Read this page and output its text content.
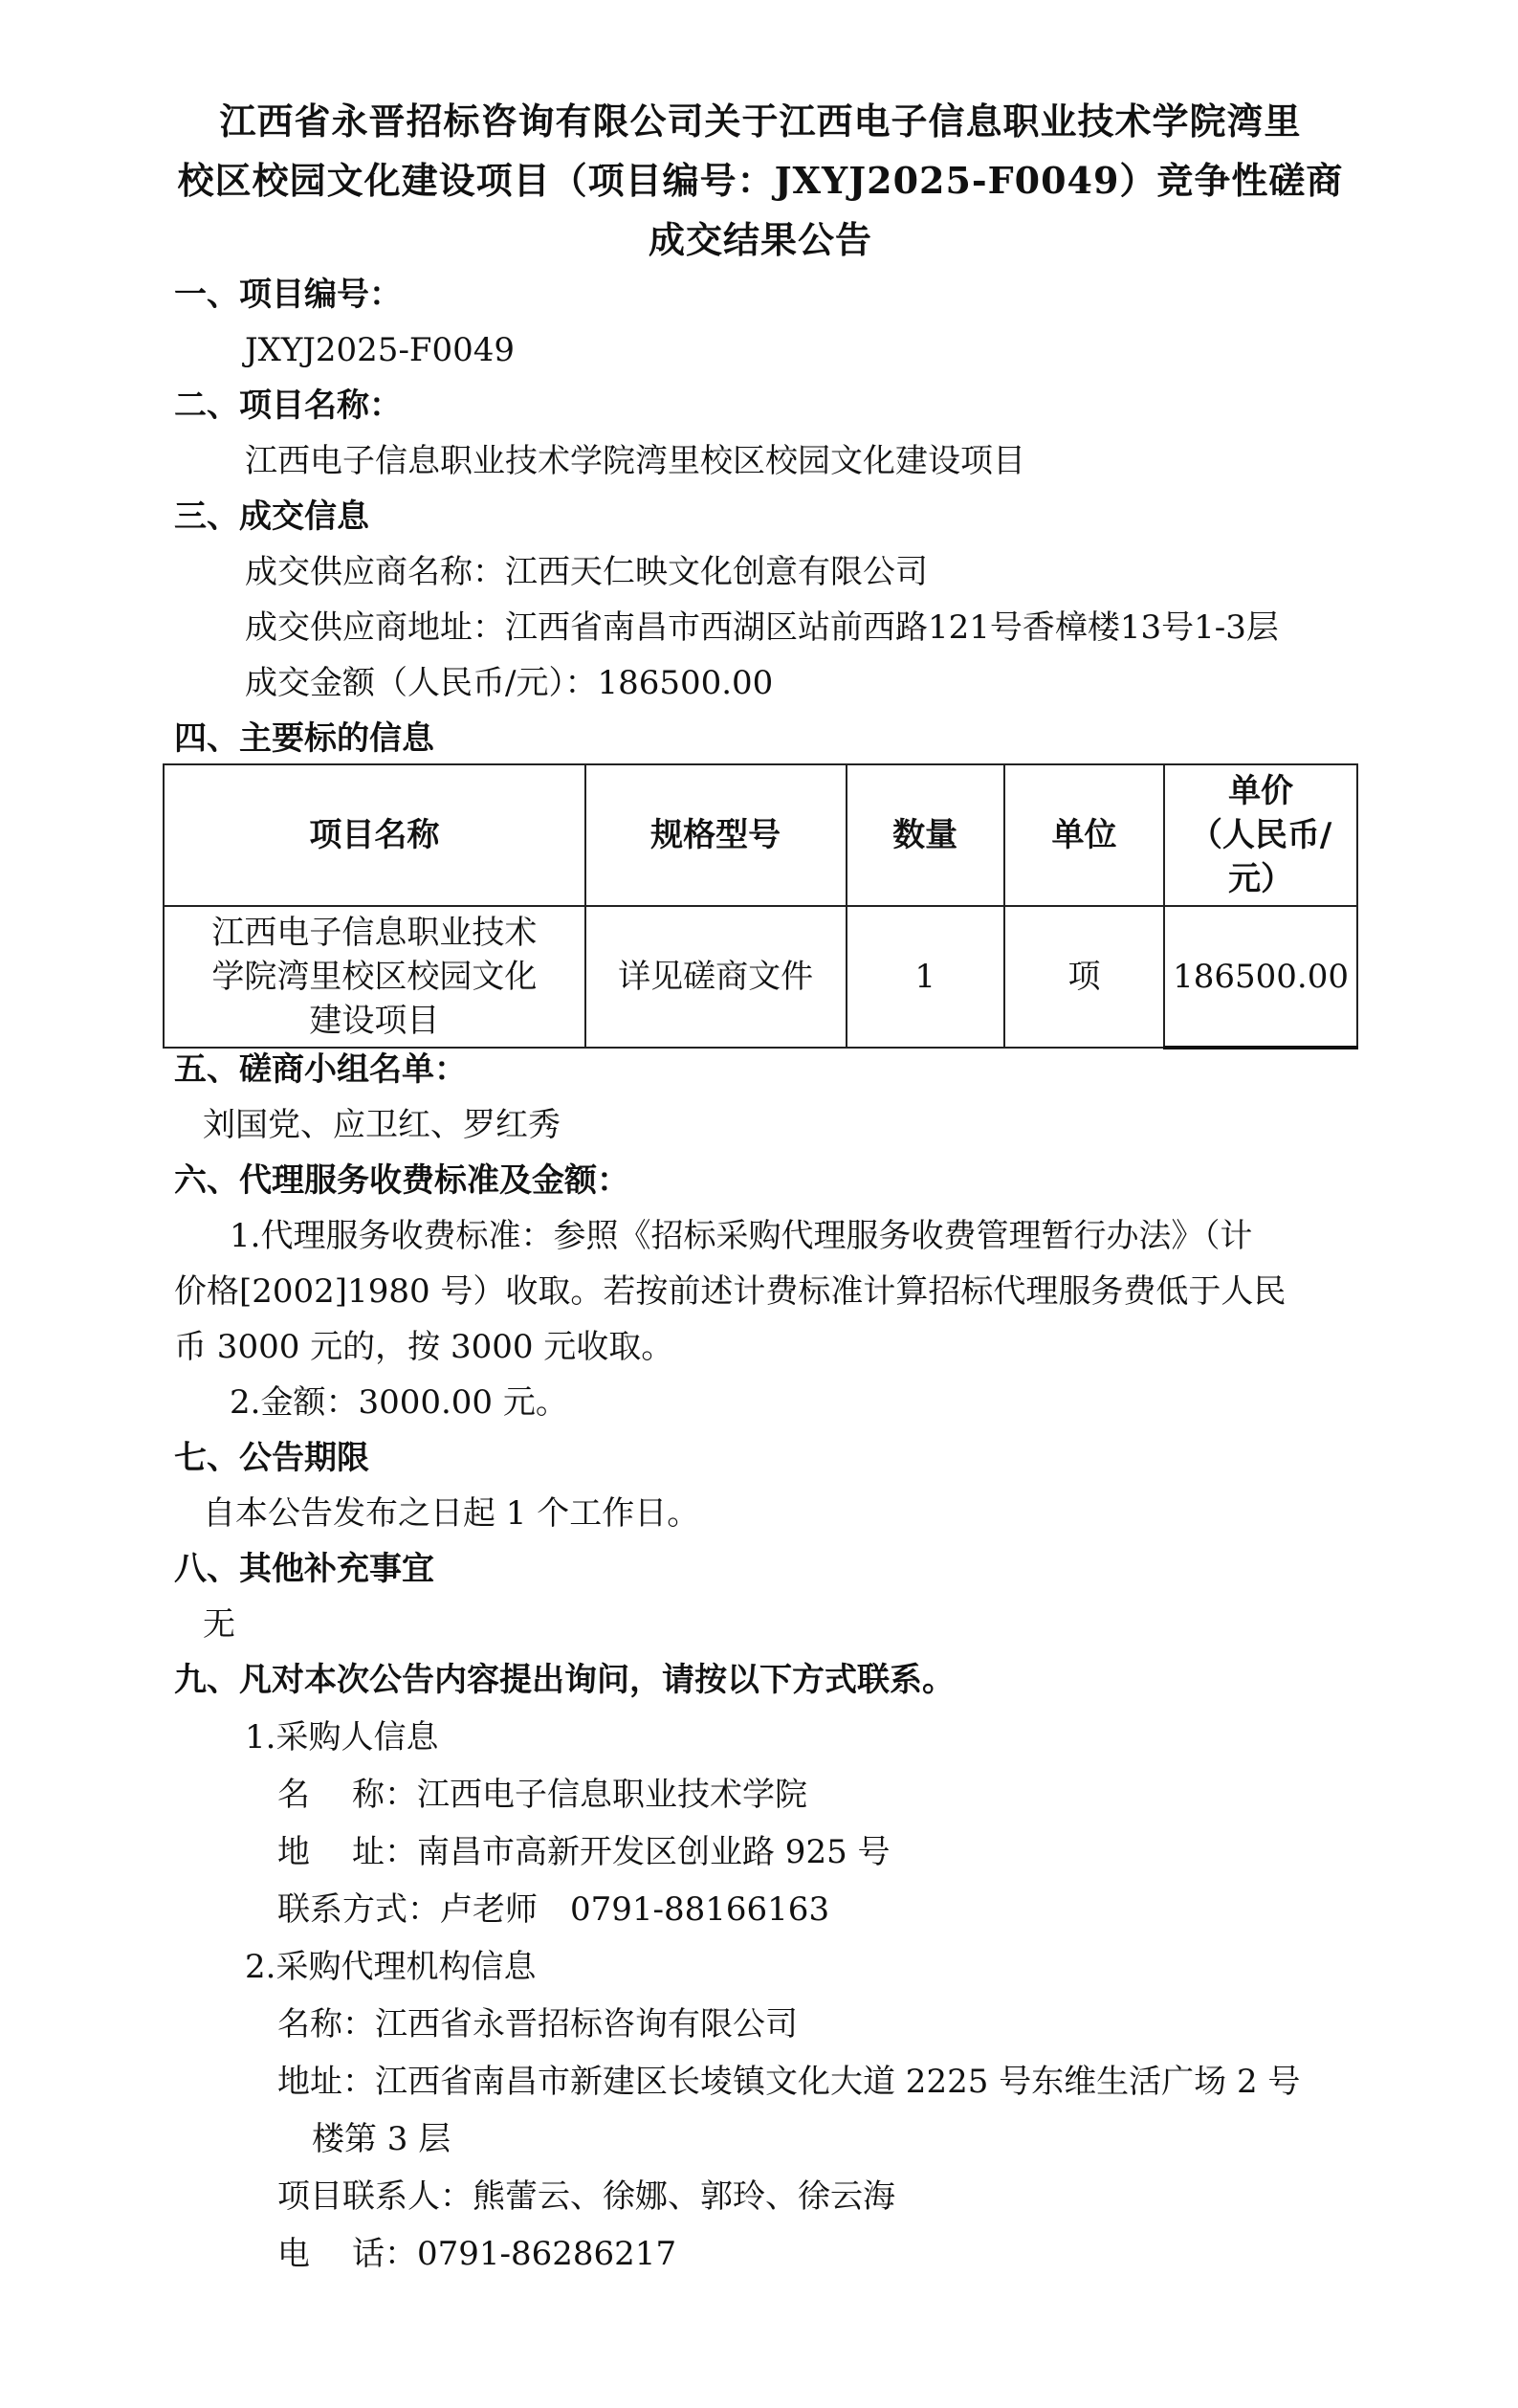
江西省永晋招标咨询有限公司关于江西电子信息职业技术学院湾里
校区校园文化建设项目（项目编号：JXYJ2025-F0049）竞争性磋商
成交结果公告
一、项目编号：
JXYJ2025-F0049
二、项目名称：
江西电子信息职业技术学院湾里校区校园文化建设项目
三、成交信息
成交供应商名称：江西天仁映文化创意有限公司
成交供应商地址：江西省南昌市西湖区站前西路121号香樟楼13号1-3层
成交金额（人民币/元）：186500.00
四、主要标的信息
项目名称	规格型号	数量	单位	单价
（人民币/元）

江西电子信息职业技术
学院湾里校区校园文化
建设项目	详见磋商文件	1	项	186500.00
五、磋商小组名单：
刘国党、应卫红、罗红秀
六、代理服务收费标准及金额：
1.代理服务收费标准：参照《招标采购代理服务收费管理暂行办法》（计
价格[2002]1980 号）收取。若按前述计费标准计算招标代理服务费低于人民
币 3000 元的，按 3000 元收取。
2.金额：3000.00 元。
七、公告期限
自本公告发布之日起 1 个工作日。
八、其他补充事宜
无
九、凡对本次公告内容提出询问，请按以下方式联系。
1.采购人信息
名　称：江西电子信息职业技术学院
地　址：南昌市高新开发区创业路 925 号
联系方式：卢老师　0791-88166163
2.采购代理机构信息
名称：江西省永晋招标咨询有限公司
地址：江西省南昌市新建区长堎镇文化大道 2225 号东维生活广场 2 号
楼第 3 层
项目联系人：熊蕾云、徐娜、郭玲、徐云海
电　话：0791-86286217
